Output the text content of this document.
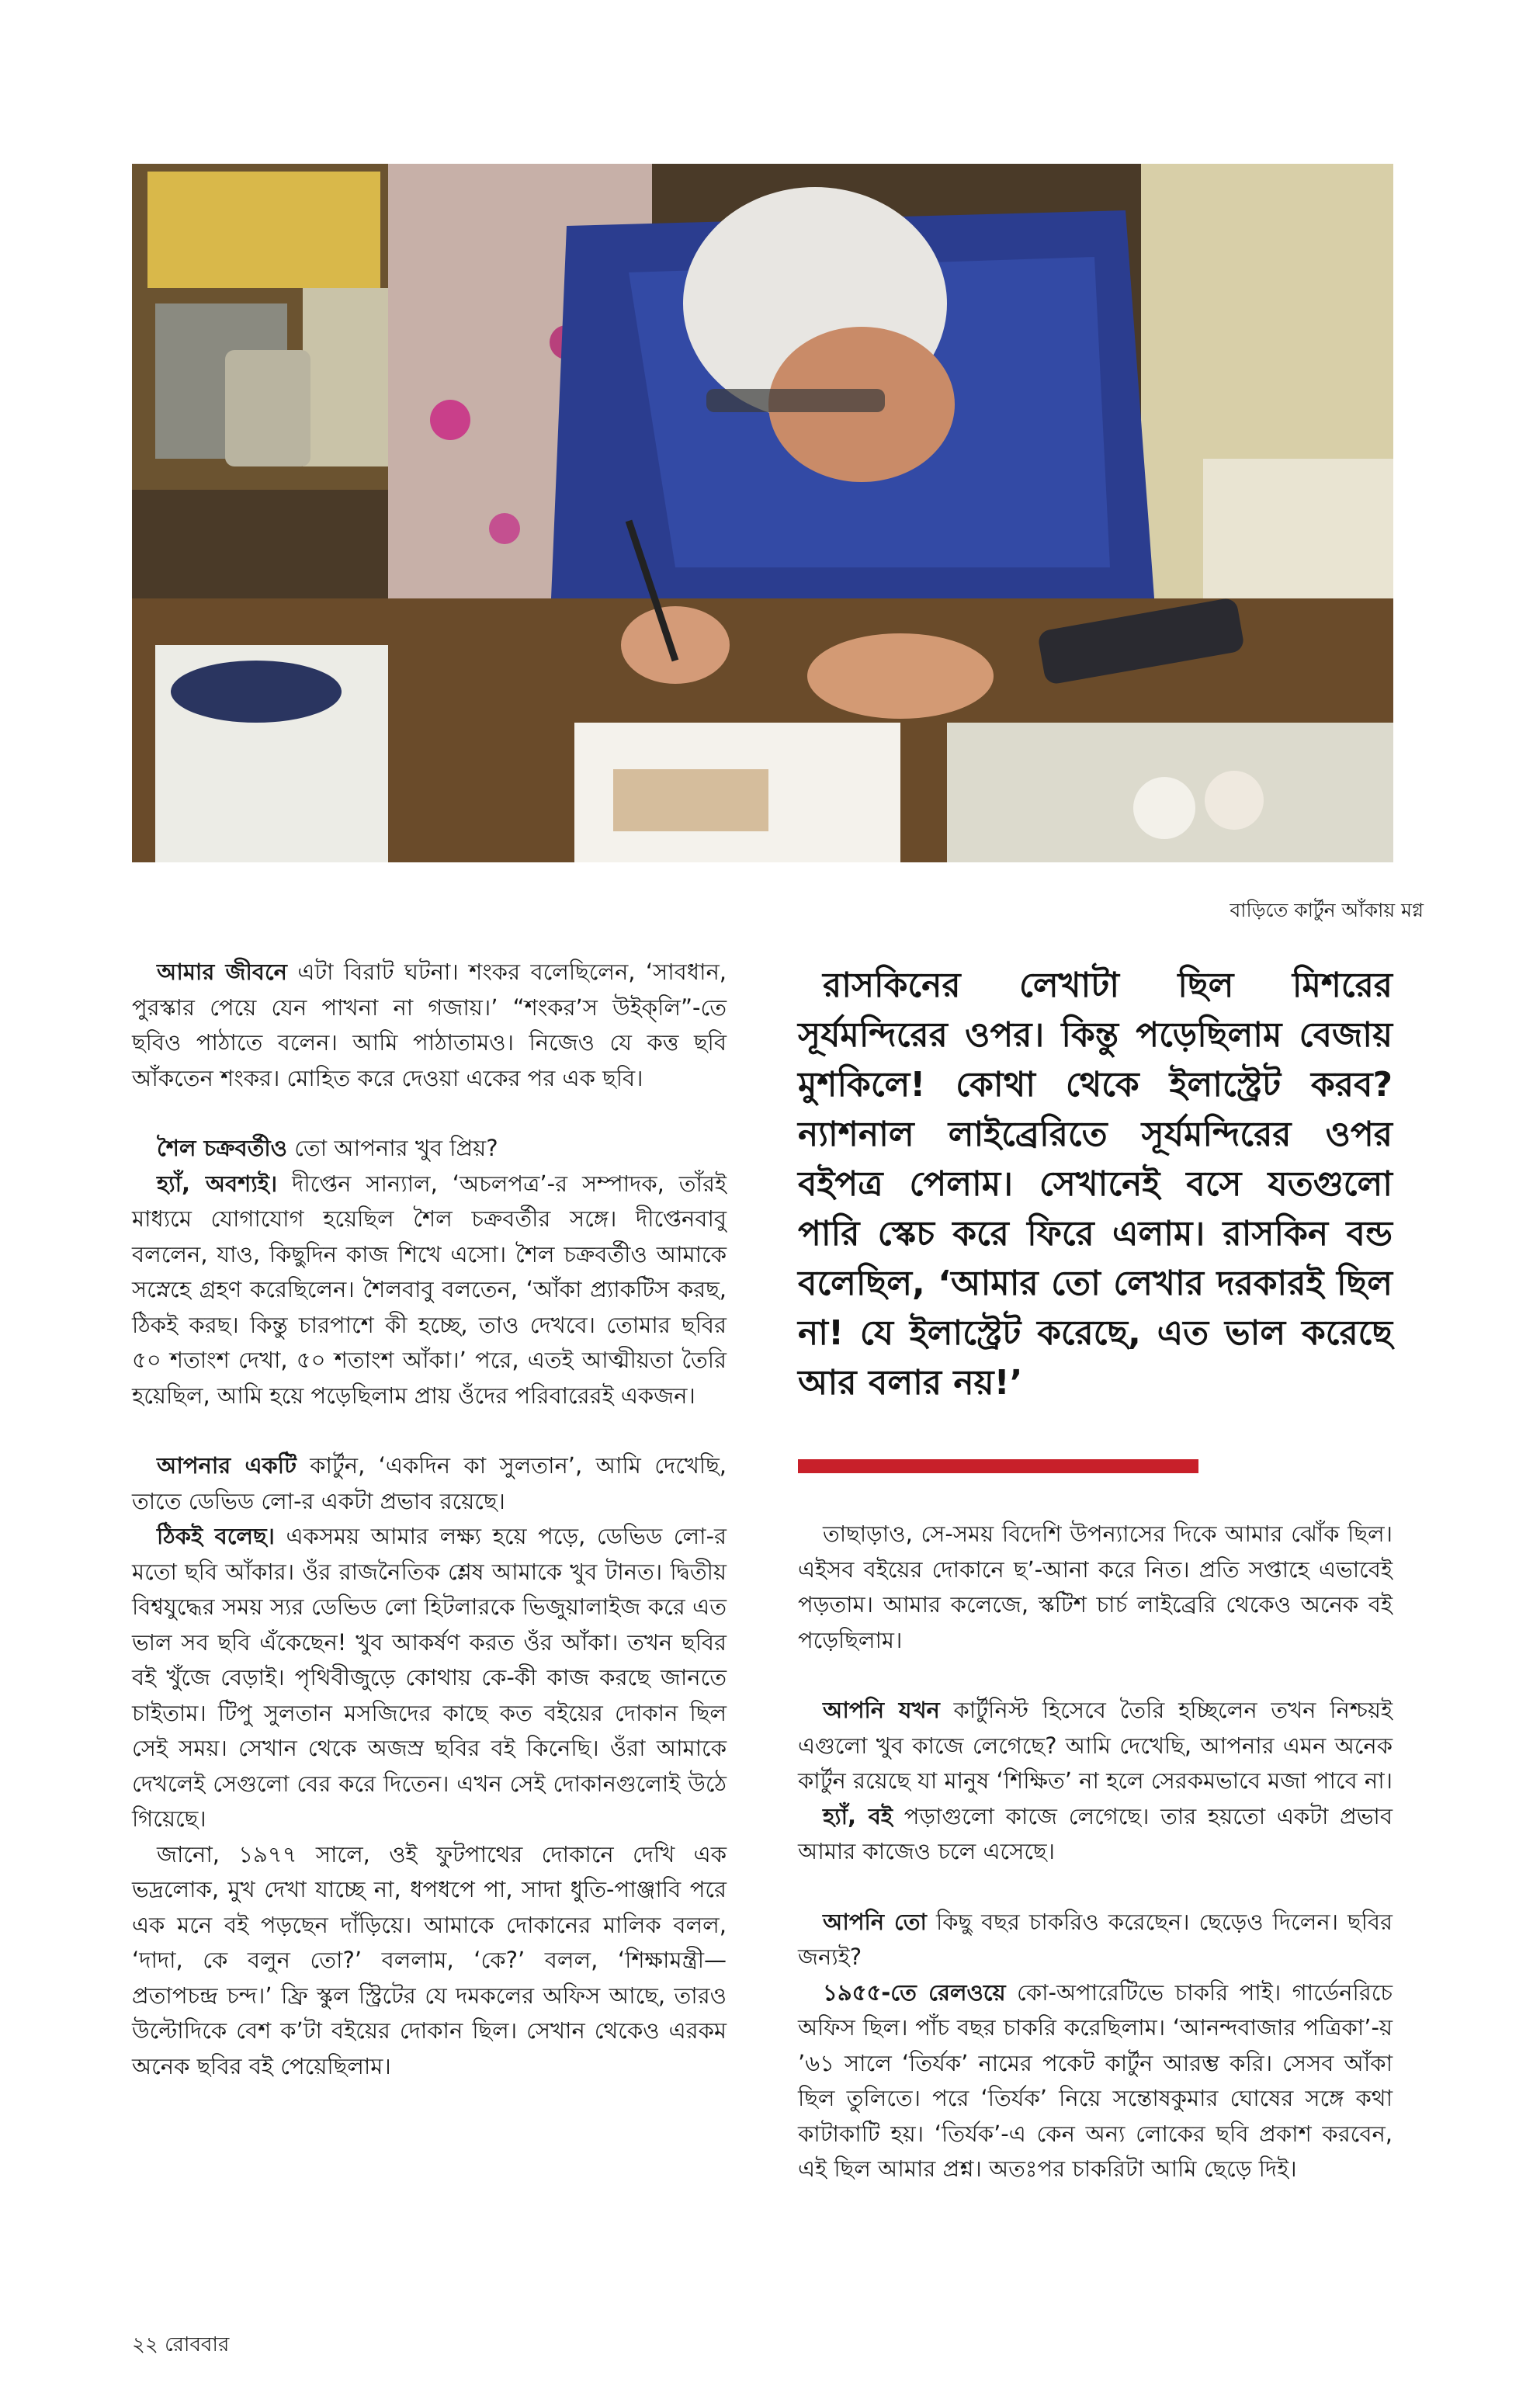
বাড়িতে কার্টুন আঁকায় মগ্ন

আমার জীবনে এটা বিরাট ঘটনা। শংকর বলেছিলেন, ‘সাবধান, পুরস্কার পেয়ে যেন পাখনা না গজায়।’ “শংকর’স উইক্‌লি”-তে ছবিও পাঠাতে বলেন। আমি পাঠাতামও। নিজেও যে কত্ত ছবি আঁকতেন শংকর। মোহিত করে দেওয়া একের পর এক ছবি।

শৈল চক্রবর্তীও তো আপনার খুব প্রিয়?

হ্যাঁ, অবশ্যই। দীপ্তেন সান্যাল, ‘অচলপত্র’-র সম্পাদক, তাঁরই মাধ্যমে যোগাযোগ হয়েছিল শৈল চক্রবর্তীর সঙ্গে। দীপ্তেনবাবু বললেন, যাও, কিছুদিন কাজ শিখে এসো। শৈল চক্রবর্তীও আমাকে সস্নেহে গ্রহণ করেছিলেন। শৈলবাবু বলতেন, ‘আঁকা প্র্যাকটিস করছ, ঠিকই করছ। কিন্তু চারপাশে কী হচ্ছে, তাও দেখবে। তোমার ছবির ৫০ শতাংশ দেখা, ৫০ শতাংশ আঁকা।’ পরে, এতই আত্মীয়তা তৈরি হয়েছিল, আমি হয়ে পড়েছিলাম প্রায় ওঁদের পরিবারেরই একজন।

আপনার একটি কার্টুন, ‘একদিন কা সুলতান’, আমি দেখেছি, তাতে ডেভিড লো-র একটা প্রভাব রয়েছে।

ঠিকই বলেছ। একসময় আমার লক্ষ্য হয়ে পড়ে, ডেভিড লো-র মতো ছবি আঁকার। ওঁর রাজনৈতিক শ্লেষ আমাকে খুব টানত। দ্বিতীয় বিশ্বযুদ্ধের সময় স্যর ডেভিড লো হিটলারকে ভিজুয়ালাইজ করে এত ভাল সব ছবি এঁকেছেন! খুব আকর্ষণ করত ওঁর আঁকা। তখন ছবির বই খুঁজে বেড়াই। পৃথিবীজুড়ে কোথায় কে-কী কাজ করছে জানতে চাইতাম। টিপু সুলতান মসজিদের কাছে কত বইয়ের দোকান ছিল সেই সময়। সেখান থেকে অজস্র ছবির বই কিনেছি। ওঁরা আমাকে দেখলেই সেগুলো বের করে দিতেন। এখন সেই দোকানগুলোই উঠে গিয়েছে।

জানো, ১৯৭৭ সালে, ওই ফুটপাথের দোকানে দেখি এক ভদ্রলোক, মুখ দেখা যাচ্ছে না, ধপধপে পা, সাদা ধুতি-পাঞ্জাবি পরে এক মনে বই পড়ছেন দাঁড়িয়ে। আমাকে দোকানের মালিক বলল, ‘দাদা, কে বলুন তো?’ বললাম, ‘কে?’ বলল, ‘শিক্ষামন্ত্রী— প্রতাপচন্দ্র চন্দ।’ ফ্রি স্কুল স্ট্রিটের যে দমকলের অফিস আছে, তারও উল্টোদিকে বেশ ক’টা বইয়ের দোকান ছিল। সেখান থেকেও এরকম অনেক ছবির বই পেয়েছিলাম।

রাসকিনের লেখাটা ছিল মিশরের সূর্যমন্দিরের ওপর। কিন্তু পড়েছিলাম বেজায় মুশকিলে! কোথা থেকে ইলাস্ট্রেট করব? ন্যাশনাল লাইব্রেরিতে সূর্যমন্দিরের ওপর বইপত্র পেলাম। সেখানেই বসে যতগুলো পারি স্কেচ করে ফিরে এলাম। রাসকিন বন্ড বলেছিল, ‘আমার তো লেখার দরকারই ছিল না! যে ইলাস্ট্রেট করেছে, এত ভাল করেছে আর বলার নয়!’

তাছাড়াও, সে-সময় বিদেশি উপন্যাসের দিকে আমার ঝোঁক ছিল। এইসব বইয়ের দোকানে ছ’-আনা করে নিত। প্রতি সপ্তাহে এভাবেই পড়তাম। আমার কলেজে, স্কটিশ চার্চ লাইব্রেরি থেকেও অনেক বই পড়েছিলাম।

আপনি যখন কার্টুনিস্ট হিসেবে তৈরি হচ্ছিলেন তখন নিশ্চয়ই এগুলো খুব কাজে লেগেছে? আমি দেখেছি, আপনার এমন অনেক কার্টুন রয়েছে যা মানুষ ‘শিক্ষিত’ না হলে সেরকমভাবে মজা পাবে না।

হ্যাঁ, বই পড়াগুলো কাজে লেগেছে। তার হয়তো একটা প্রভাব আমার কাজেও চলে এসেছে।

আপনি তো কিছু বছর চাকরিও করেছেন। ছেড়েও দিলেন। ছবির জন্যই?

১৯৫৫-তে রেলওয়ে কো-অপারেটিভে চাকরি পাই। গার্ডেনরিচে অফিস ছিল। পাঁচ বছর চাকরি করেছিলাম। ‘আনন্দবাজার পত্রিকা’-য় ’৬১ সালে ‘তির্যক’ নামের পকেট কার্টুন আরম্ভ করি। সেসব আঁকা ছিল তুলিতে। পরে ‘তির্যক’ নিয়ে সন্তোষকুমার ঘোষের সঙ্গে কথা কাটাকাটি হয়। ‘তির্যক’-এ কেন অন্য লোকের ছবি প্রকাশ করবেন, এই ছিল আমার প্রশ্ন। অতঃপর চাকরিটা আমি ছেড়ে দিই।

২২ রোববার
